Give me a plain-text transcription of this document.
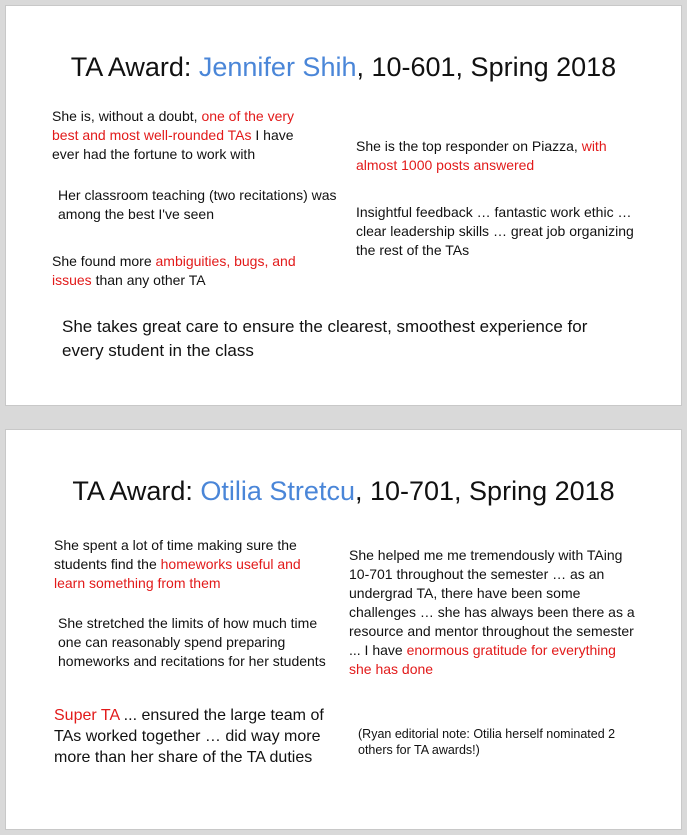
TA Award: Jennifer Shih, 10-601, Spring 2018
She is, without a doubt, one of the very best and most well-rounded TAs I have ever had the fortune to work with
Her classroom teaching (two recitations) was among the best I've seen
She found more ambiguities, bugs, and issues than any other TA
She is the top responder on Piazza, with almost 1000 posts answered
Insightful feedback … fantastic work ethic … clear leadership skills … great job organizing the rest of the TAs
She takes great care to ensure the clearest, smoothest experience for every student in the class
TA Award: Otilia Stretcu, 10-701, Spring 2018
She spent a lot of time making sure the students find the homeworks useful and learn something from them
She stretched the limits of how much time one can reasonably spend preparing homeworks and recitations for her students
Super TA ... ensured the large team of TAs worked together … did way more more than her share of the TA duties
She helped me me tremendously with TAing 10-701 throughout the semester … as an undergrad TA, there have been some challenges … she has always been there as a resource and mentor throughout the semester ... I have enormous gratitude for everything she has done
(Ryan editorial note: Otilia herself nominated 2 others for TA awards!)
